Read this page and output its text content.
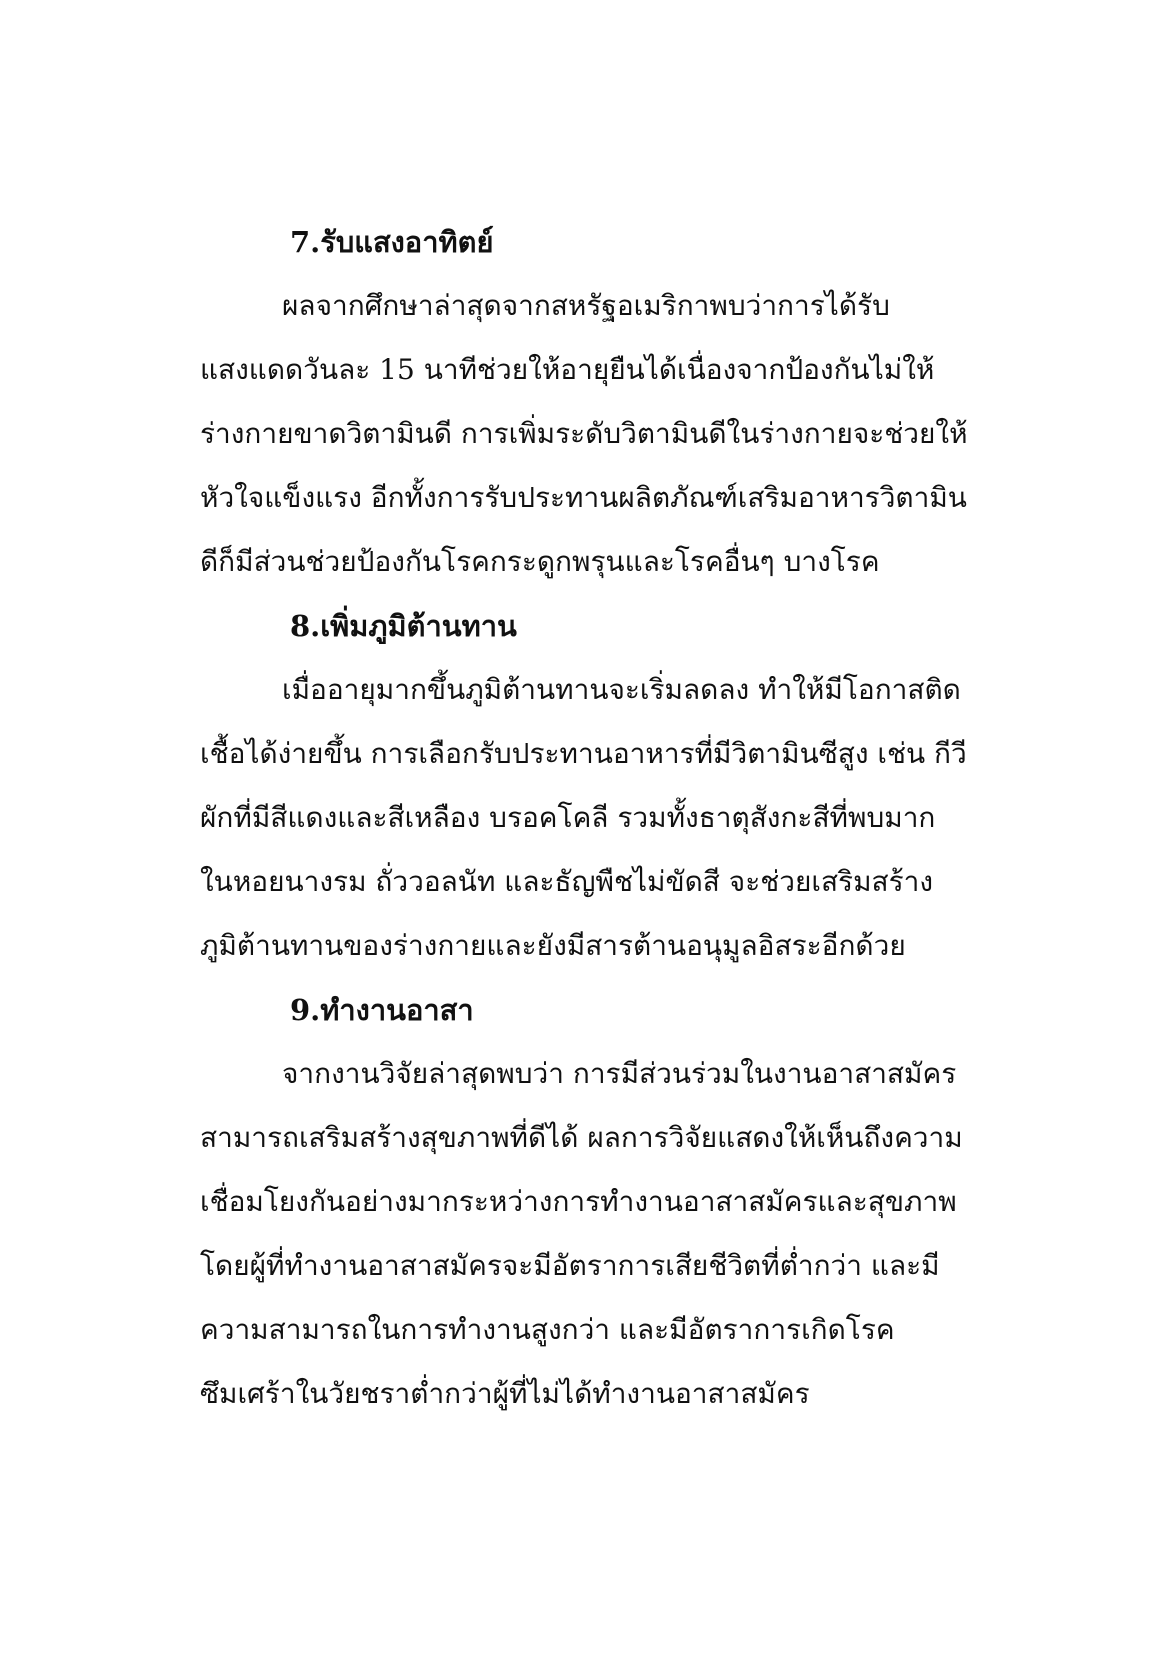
7.รับแสงอาทิตย์
ผลจากศึกษาล่าสุดจากสหรัฐอเมริกาพบว่าการได้รับ
แสงแดดวันละ 15 นาทีช่วยให้อายุยืนได้เนื่องจากป้องกันไม่ให้
ร่างกายขาดวิตามินดี การเพิ่มระดับวิตามินดีในร่างกายจะช่วยให้
หัวใจแข็งแรง อีกทั้งการรับประทานผลิตภัณฑ์เสริมอาหารวิตามิน
ดีก็มีส่วนช่วยป้องกันโรคกระดูกพรุนและโรคอื่นๆ บางโรค
8.เพิ่มภูมิต้านทาน
เมื่ออายุมากขึ้นภูมิต้านทานจะเริ่มลดลง ทำให้มีโอกาสติด
เชื้อได้ง่ายขึ้น การเลือกรับประทานอาหารที่มีวิตามินซีสูง เช่น กีวี
ผักที่มีสีแดงและสีเหลือง บรอคโคลี รวมทั้งธาตุสังกะสีที่พบมาก
ในหอยนางรม ถั่ววอลนัท และธัญพืชไม่ขัดสี จะช่วยเสริมสร้าง
ภูมิต้านทานของร่างกายและยังมีสารต้านอนุมูลอิสระอีกด้วย
9.ทำงานอาสา
จากงานวิจัยล่าสุดพบว่า การมีส่วนร่วมในงานอาสาสมัคร
สามารถเสริมสร้างสุขภาพที่ดีได้ ผลการวิจัยแสดงให้เห็นถึงความ
เชื่อมโยงกันอย่างมากระหว่างการทำงานอาสาสมัครและสุขภาพ
โดยผู้ที่ทำงานอาสาสมัครจะมีอัตราการเสียชีวิตที่ต่ำกว่า และมี
ความสามารถในการทำงานสูงกว่า และมีอัตราการเกิดโรค
ซึมเศร้าในวัยชราต่ำกว่าผู้ที่ไม่ได้ทำงานอาสาสมัคร
